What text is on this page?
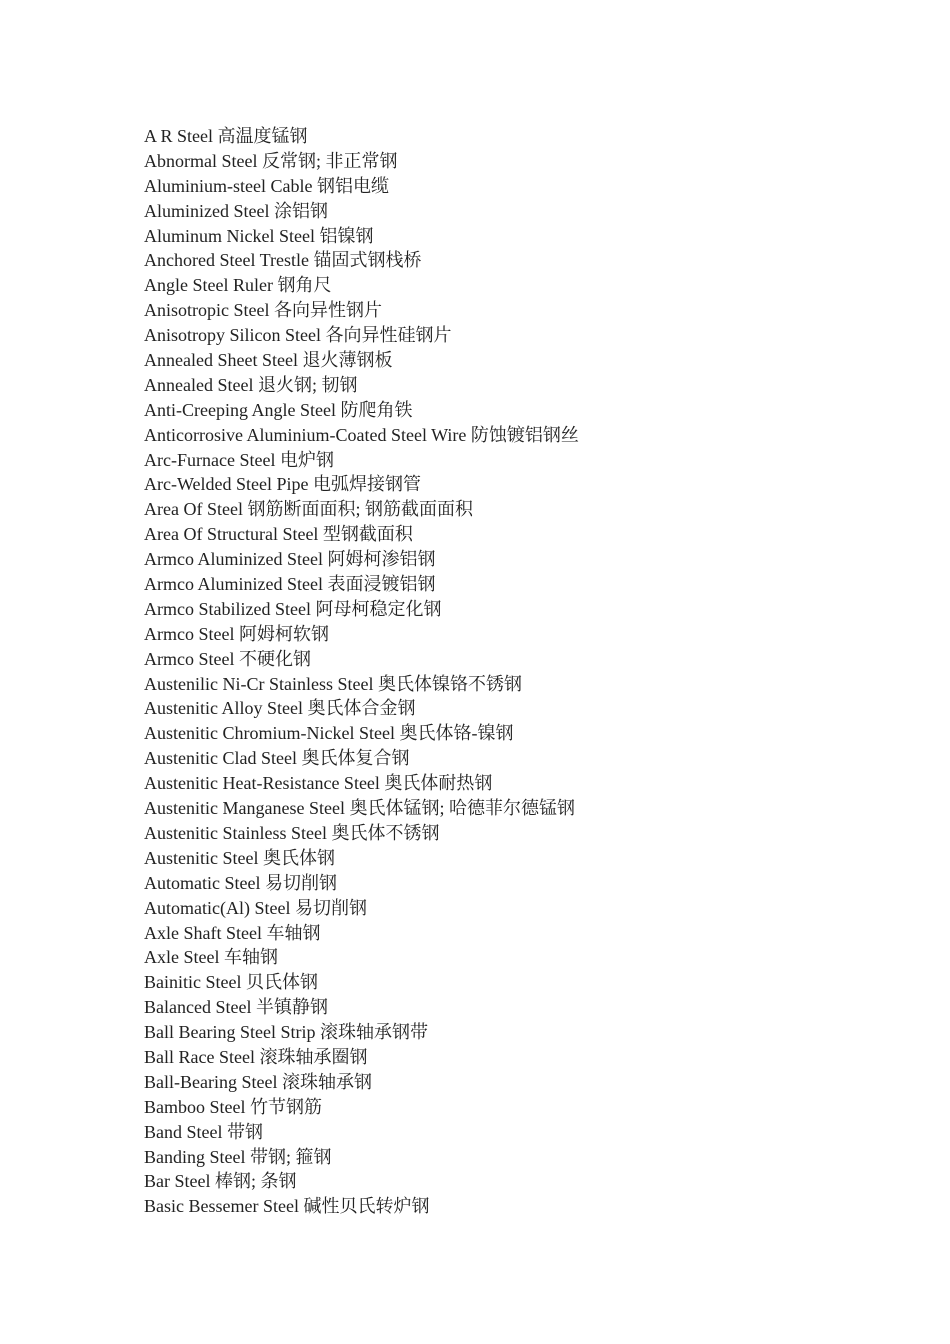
A R Steel 高温度锰钢
Abnormal Steel 反常钢; 非正常钢
Aluminium-steel Cable 钢铝电缆
Aluminized Steel 涂铝钢
Aluminum Nickel Steel 铝镍钢
Anchored Steel Trestle 锚固式钢栈桥
Angle Steel Ruler 钢角尺
Anisotropic Steel 各向异性钢片
Anisotropy Silicon Steel 各向异性硅钢片
Annealed Sheet Steel 退火薄钢板
Annealed Steel 退火钢; 韧钢
Anti-Creeping Angle Steel 防爬角铁
Anticorrosive Aluminium-Coated Steel Wire 防蚀镀铝钢丝
Arc-Furnace Steel 电炉钢
Arc-Welded Steel Pipe 电弧焊接钢管
Area Of Steel 钢筋断面面积; 钢筋截面面积
Area Of Structural Steel 型钢截面积
Armco Aluminized Steel 阿姆柯渗铝钢
Armco Aluminized Steel 表面浸镀铝钢
Armco Stabilized Steel 阿母柯稳定化钢
Armco Steel 阿姆柯软钢
Armco Steel 不硬化钢
Austenilic Ni-Cr Stainless Steel 奥氏体镍铬不锈钢
Austenitic Alloy Steel 奥氏体合金钢
Austenitic Chromium-Nickel Steel 奥氏体铬-镍钢
Austenitic Clad Steel 奥氏体复合钢
Austenitic Heat-Resistance Steel 奥氏体耐热钢
Austenitic Manganese Steel 奥氏体锰钢; 哈德菲尔德锰钢
Austenitic Stainless Steel 奥氏体不锈钢
Austenitic Steel 奥氏体钢
Automatic Steel 易切削钢
Automatic(Al) Steel 易切削钢
Axle Shaft Steel 车轴钢
Axle Steel 车轴钢
Bainitic Steel 贝氏体钢
Balanced Steel 半镇静钢
Ball Bearing Steel Strip 滚珠轴承钢带
Ball Race Steel 滚珠轴承圈钢
Ball-Bearing Steel 滚珠轴承钢
Bamboo Steel 竹节钢筋
Band Steel 带钢
Banding Steel 带钢; 箍钢
Bar Steel 棒钢; 条钢
Basic Bessemer Steel 碱性贝氏转炉钢
